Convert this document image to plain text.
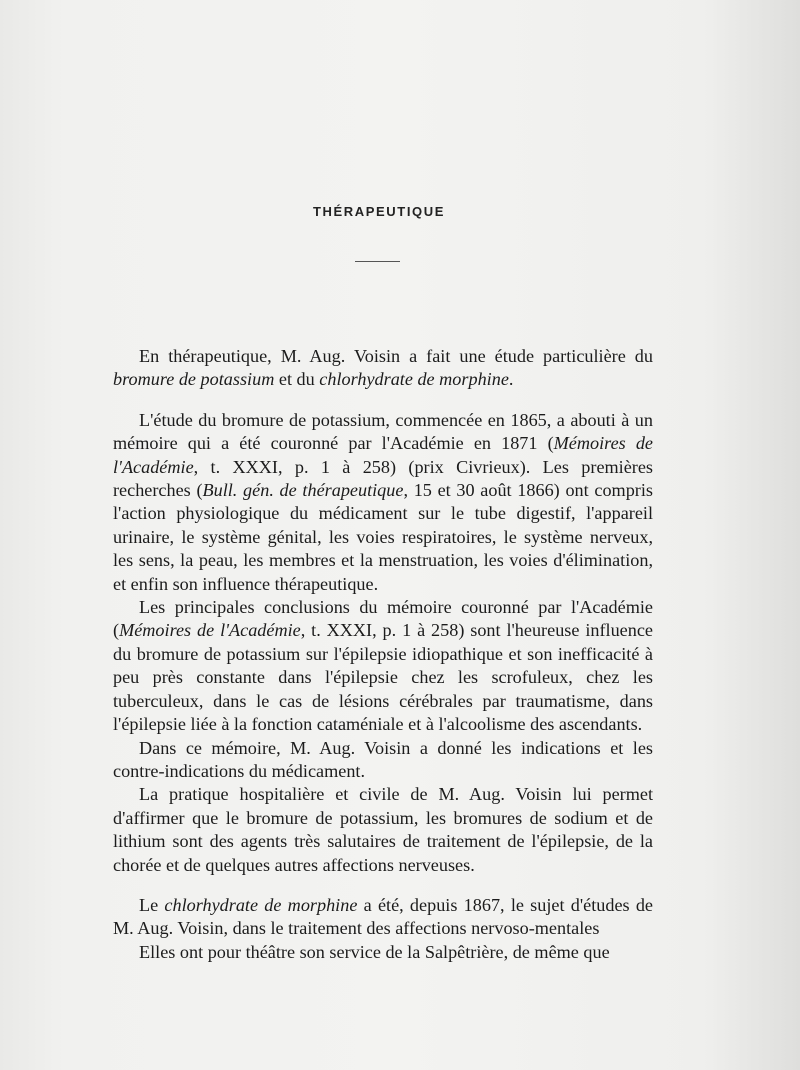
THÉRAPEUTIQUE

En thérapeutique, M. Aug. Voisin a fait une étude particulière du bromure de potassium et du chlorhydrate de morphine.

L'étude du bromure de potassium, commencée en 1865, a abouti à un mémoire qui a été couronné par l'Académie en 1871 (Mémoires de l'Académie, t. XXXI, p. 1 à 258) (prix Civrieux). Les premières recherches (Bull. gén. de thérapeutique, 15 et 30 août 1866) ont compris l'action physiologique du médicament sur le tube digestif, l'appareil urinaire, le système génital, les voies respiratoires, le système nerveux, les sens, la peau, les membres et la menstruation, les voies d'élimination, et enfin son influence thérapeutique.

Les principales conclusions du mémoire couronné par l'Académie (Mémoires de l'Académie, t. XXXI, p. 1 à 258) sont l'heureuse influence du bromure de potassium sur l'épilepsie idiopathique et son inefficacité à peu près constante dans l'épilepsie chez les scrofuleux, chez les tuberculeux, dans le cas de lésions cérébrales par traumatisme, dans l'épilepsie liée à la fonction cataméniale et à l'alcoolisme des ascendants.

Dans ce mémoire, M. Aug. Voisin a donné les indications et les contre-indications du médicament.

La pratique hospitalière et civile de M. Aug. Voisin lui permet d'affirmer que le bromure de potassium, les bromures de sodium et de lithium sont des agents très salutaires de traitement de l'épilepsie, de la chorée et de quelques autres affections nerveuses.

Le chlorhydrate de morphine a été, depuis 1867, le sujet d'études de M. Aug. Voisin, dans le traitement des affections nervoso-mentales

Elles ont pour théâtre son service de la Salpêtrière, de même que
